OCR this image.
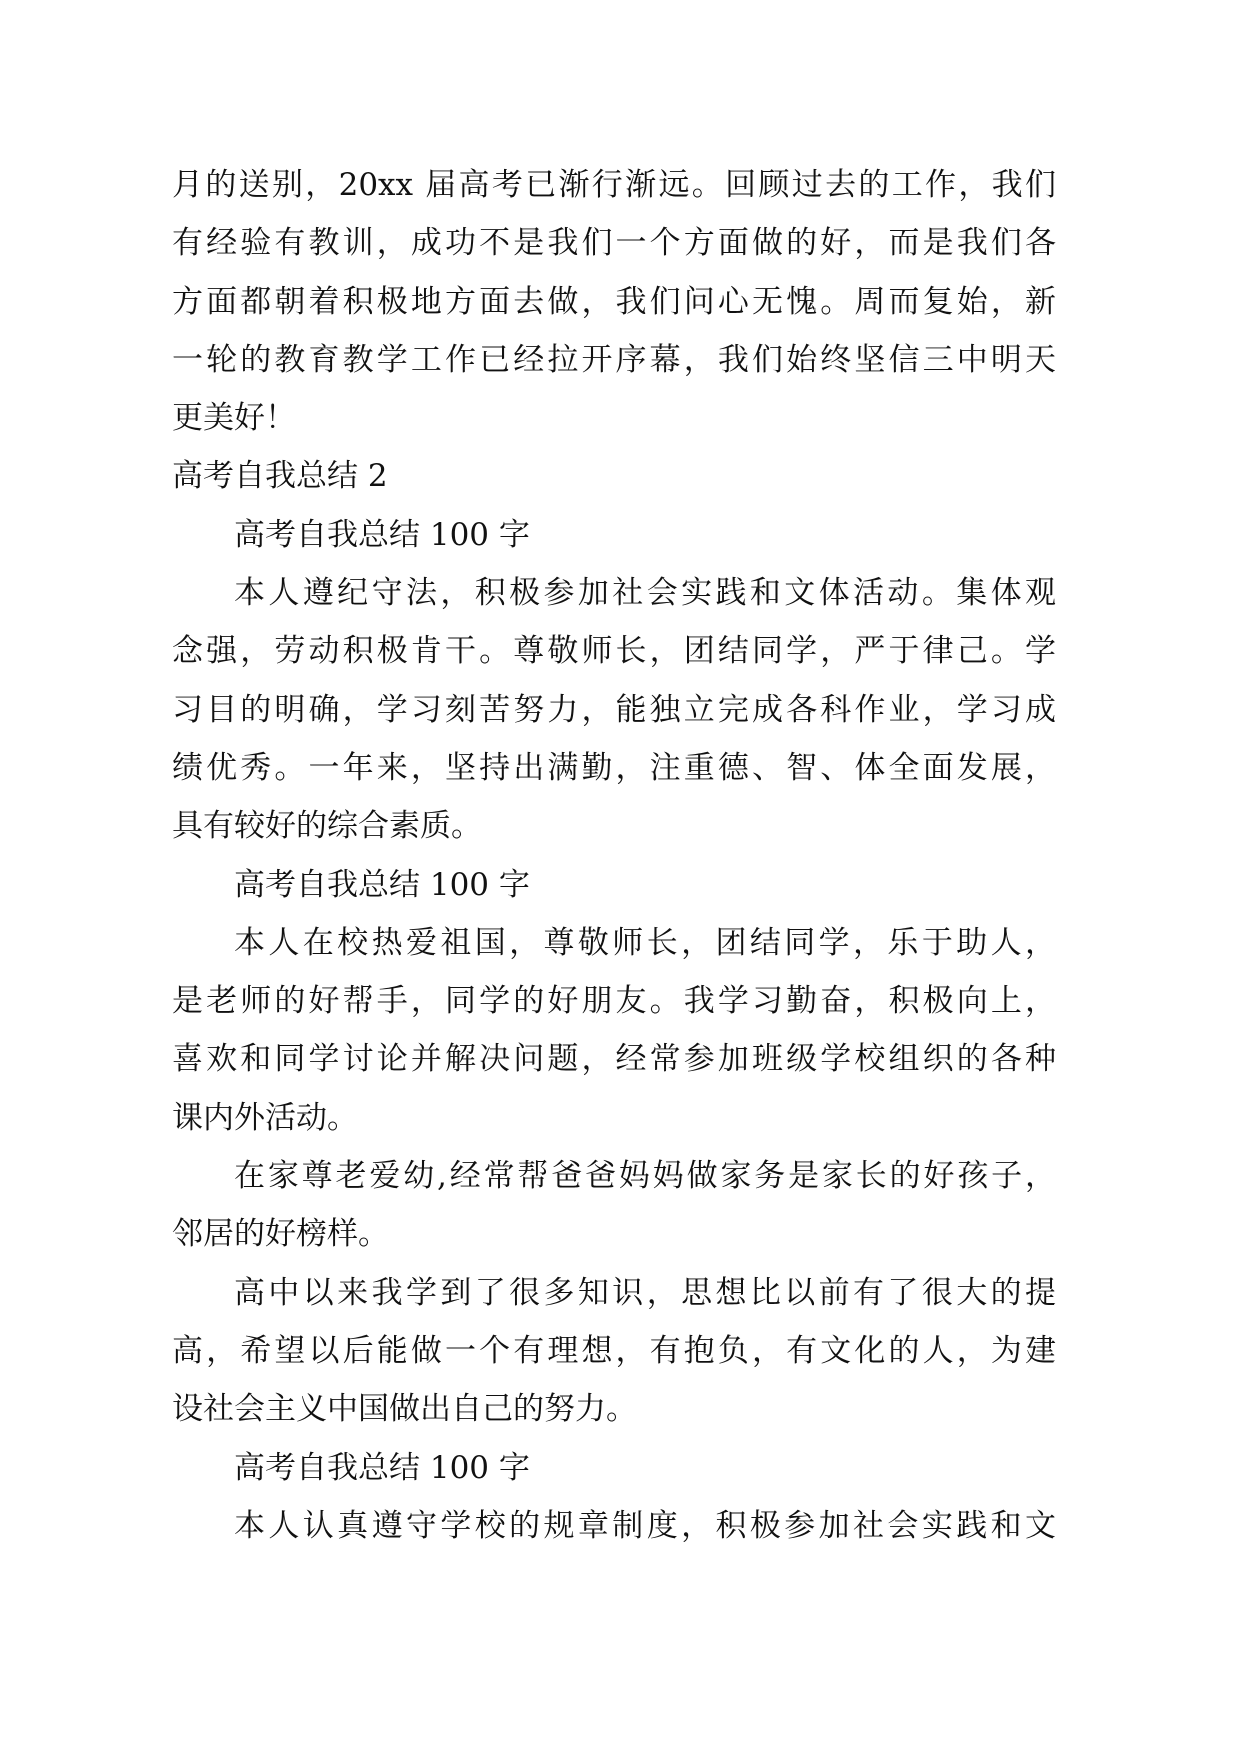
月的送别，20xx 届高考已渐行渐远。回顾过去的工作，我们
有经验有教训，成功不是我们一个方面做的好，而是我们各
方面都朝着积极地方面去做，我们问心无愧。周而复始，新
一轮的教育教学工作已经拉开序幕，我们始终坚信三中明天
更美好！
高考自我总结 2
高考自我总结 100 字
本人遵纪守法，积极参加社会实践和文体活动。集体观
念强，劳动积极肯干。尊敬师长，团结同学，严于律己。学
习目的明确，学习刻苦努力，能独立完成各科作业，学习成
绩优秀。一年来，坚持出满勤，注重德、智、体全面发展，
具有较好的综合素质。
高考自我总结 100 字
本人在校热爱祖国，尊敬师长，团结同学，乐于助人，
是老师的好帮手，同学的好朋友。我学习勤奋，积极向上，
喜欢和同学讨论并解决问题，经常参加班级学校组织的各种
课内外活动。
在家尊老爱幼,经常帮爸爸妈妈做家务是家长的好孩子，
邻居的好榜样。
高中以来我学到了很多知识，思想比以前有了很大的提
高，希望以后能做一个有理想，有抱负，有文化的人，为建
设社会主义中国做出自己的努力。
高考自我总结 100 字
本人认真遵守学校的规章制度，积极参加社会实践和文
